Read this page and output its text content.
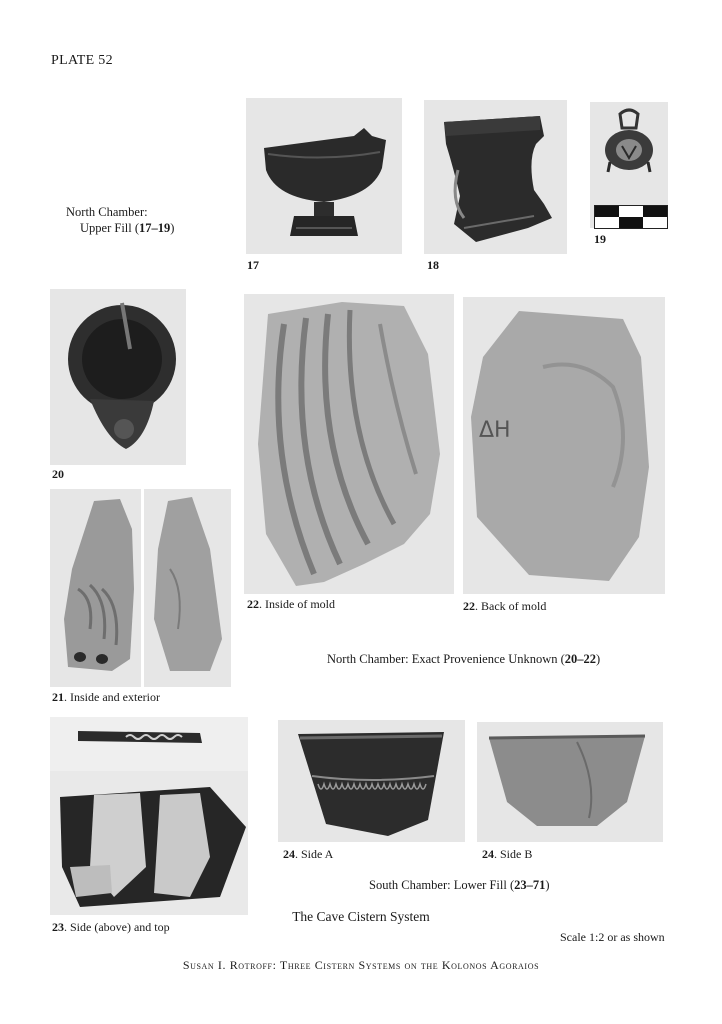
PLATE 52
North Chamber:
Upper Fill (17–19)
17	18
19
20
21. Inside and exterior
22. Inside of mold
ΔΗ
22. Back of mold
North Chamber: Exact Provenience Unknown (20–22)
23. Side (above) and top
24. Side A	24. Side B
South Chamber: Lower Fill (23–71)
The Cave Cistern System
Scale 1:2 or as shown
Susan I. Rotroff: Three Cistern Systems on the Kolonos Agoraios
